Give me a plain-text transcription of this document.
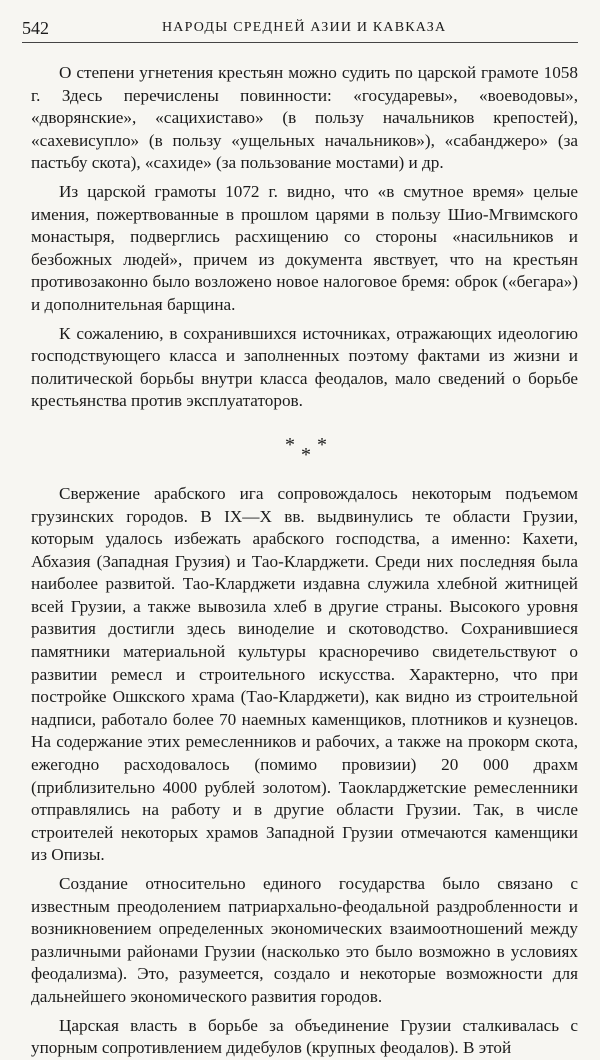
542	НАРОДЫ СРЕДНЕЙ АЗИИ И КАВКАЗА

О степени угнетения крестьян можно судить по царской грамоте 1058 г. Здесь перечислены повинности: «государевы», «воеводовы», «дворянские», «сацихиставо» (в пользу начальников крепостей), «сахевисупло» (в пользу «ущельных начальников»), «сабанджеро» (за пастьбу скота), «сахиде» (за пользование мостами) и др.

Из царской грамоты 1072 г. видно, что «в смутное время» целые имения, пожертвованные в прошлом царями в пользу Шио-Мгвимского монастыря, подверглись расхищению со стороны «насильников и безбожных людей», причем из документа явствует, что на крестьян противозаконно было возложено новое налоговое бремя: оброк («бегара») и дополнительная барщина.

К сожалению, в сохранившихся источниках, отражающих идеологию господствующего класса и заполненных поэтому фактами из жизни и политической борьбы внутри класса феодалов, мало сведений о борьбе крестьянства против эксплуататоров.

* * *

Свержение арабского ига сопровождалось некоторым подъемом грузинских городов. В IX—X вв. выдвинулись те области Грузии, которым удалось избежать арабского господства, а именно: Кахети, Абхазия (Западная Грузия) и Тао-Кларджети. Среди них последняя была наиболее развитой. Тао-Кларджети издавна служила хлебной житницей всей Грузии, а также вывозила хлеб в другие страны. Высокого уровня развития достигли здесь виноделие и скотоводство. Сохранившиеся памятники материальной культуры красноречиво свидетельствуют о развитии ремесл и строительного искусства. Характерно, что при постройке Ошкского храма (Тао-Кларджети), как видно из строительной надписи, работало более 70 наемных каменщиков, плотников и кузнецов. На содержание этих ремесленников и рабочих, а также на прокорм скота, ежегодно расходовалось (помимо провизии) 20 000 драхм (приблизительно 4000 рублей золотом). Таокларджетские ремесленники отправлялись на работу и в другие области Грузии. Так, в числе строителей некоторых храмов Западной Грузии отмечаются каменщики из Опизы.

Создание относительно единого государства было связано с известным преодолением патриархально-феодальной раздробленности и возникновением определенных экономических взаимоотношений между различными районами Грузии (насколько это было возможно в условиях феодализма). Это, разумеется, создало и некоторые возможности для дальнейшего экономического развития городов.

Царская власть в борьбе за объединение Грузии сталкивалась с упорным сопротивлением дидебулов (крупных феодалов). В этой
